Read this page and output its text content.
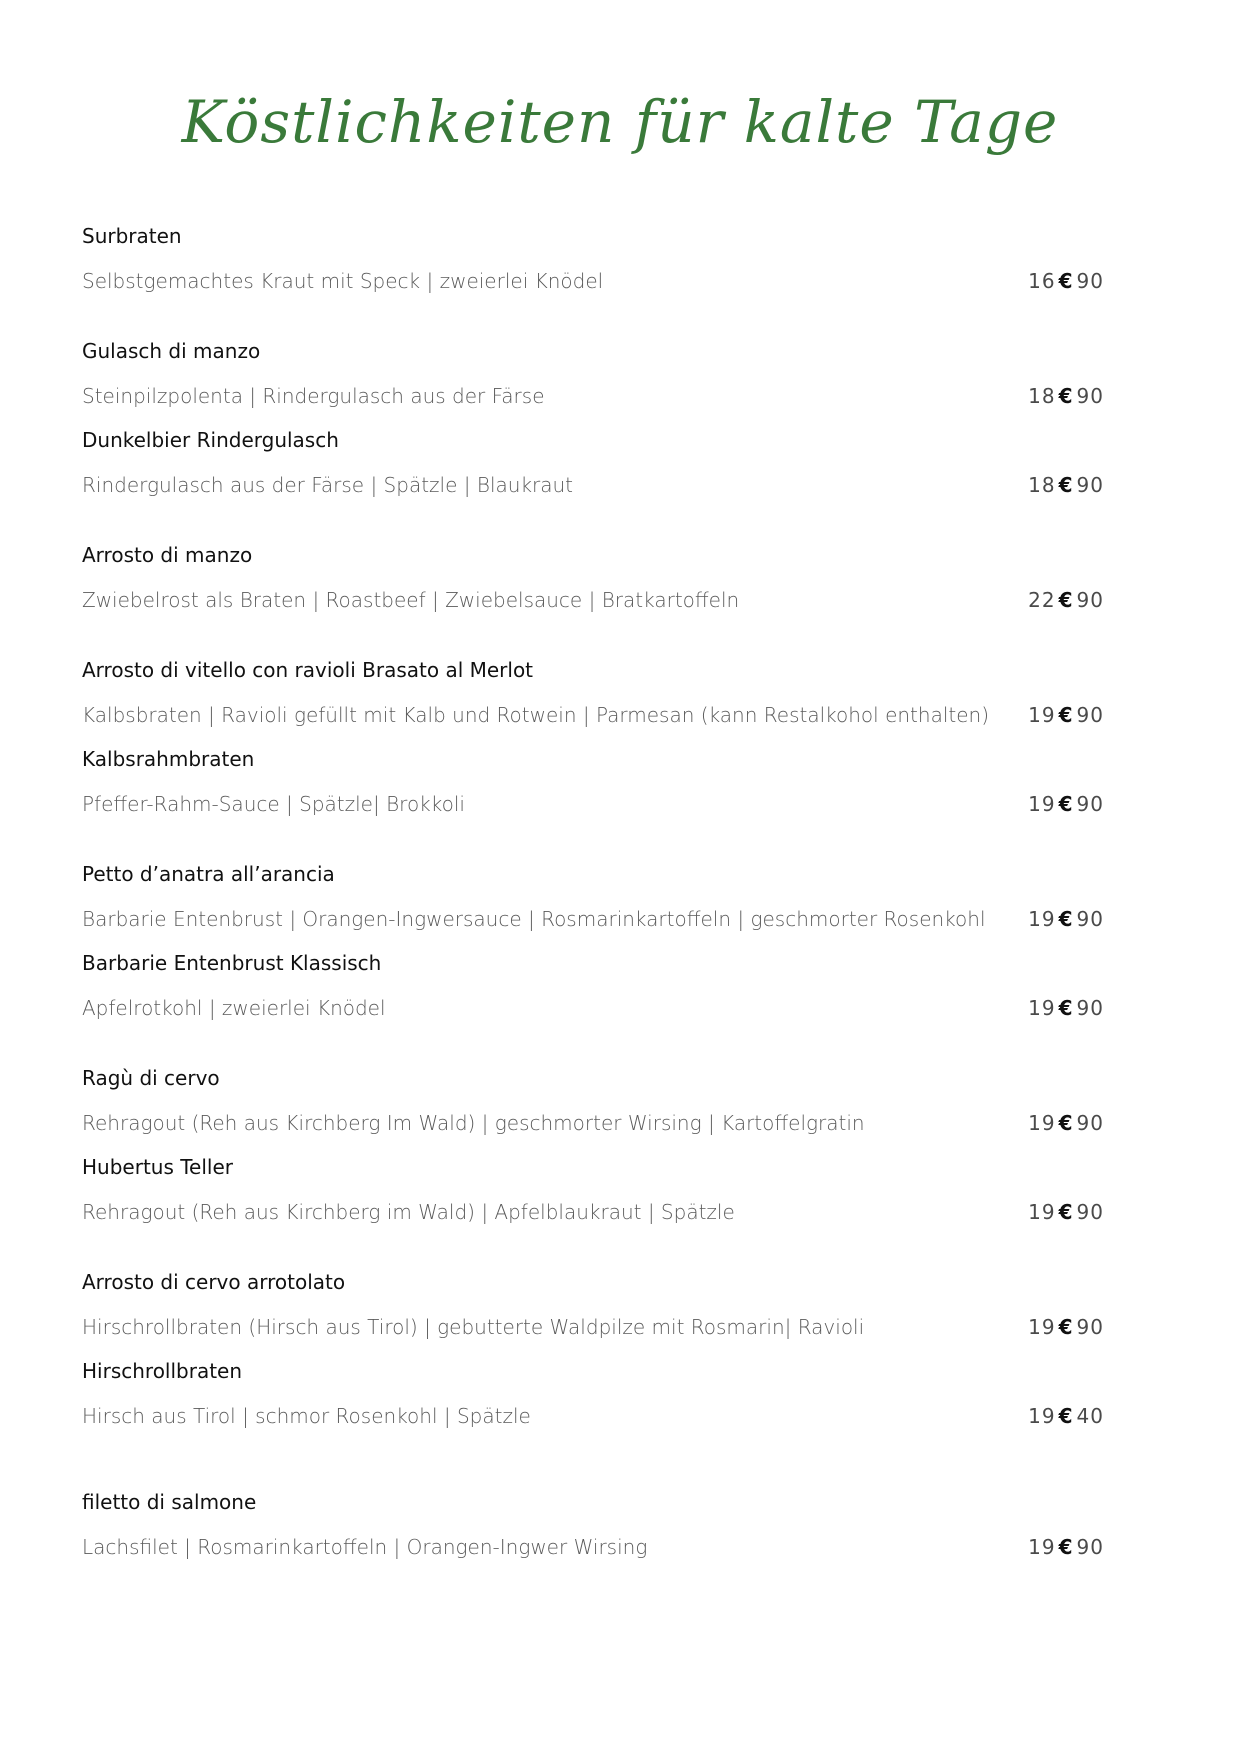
Köstlichkeiten für kalte Tage
Surbraten
Selbstgemachtes Kraut mit Speck | zweierlei Knödel	16 € 90
Gulasch di manzo
Steinpilzpolenta | Rindergulasch aus der Färse	18 € 90
Dunkelbier Rindergulasch
Rindergulasch aus der Färse | Spätzle | Blaukraut	18 € 90
Arrosto di manzo
Zwiebelrost als Braten | Roastbeef | Zwiebelsauce | Bratkartoffeln	22 € 90
Arrosto di vitello con ravioli Brasato al Merlot
Kalbsbraten | Ravioli gefüllt mit Kalb und Rotwein | Parmesan (kann Restalkohol enthalten) 19 € 90
Kalbsrahmbraten
Pfeffer-Rahm-Sauce | Spätzle| Brokkoli	19 € 90
Petto d’anatra all’arancia
Barbarie Entenbrust | Orangen-Ingwersauce | Rosmarinkartoffeln | geschmorter Rosenkohl 19 € 90
Barbarie Entenbrust Klassisch
Apfelrotkohl | zweierlei Knödel	19 € 90
Ragù di cervo
Rehragout (Reh aus Kirchberg Im Wald) | geschmorter Wirsing | Kartoffelgratin	19 € 90
Hubertus Teller
Rehragout (Reh aus Kirchberg im Wald) | Apfelblaukraut | Spätzle	19 € 90
Arrosto di cervo arrotolato
Hirschrollbraten (Hirsch aus Tirol) | gebutterte Waldpilze mit Rosmarin| Ravioli	19 € 90
Hirschrollbraten
Hirsch aus Tirol | schmor Rosenkohl | Spätzle	19 € 40
filetto di salmone
Lachsfilet | Rosmarinkartoffeln | Orangen-Ingwer Wirsing	19 € 90
